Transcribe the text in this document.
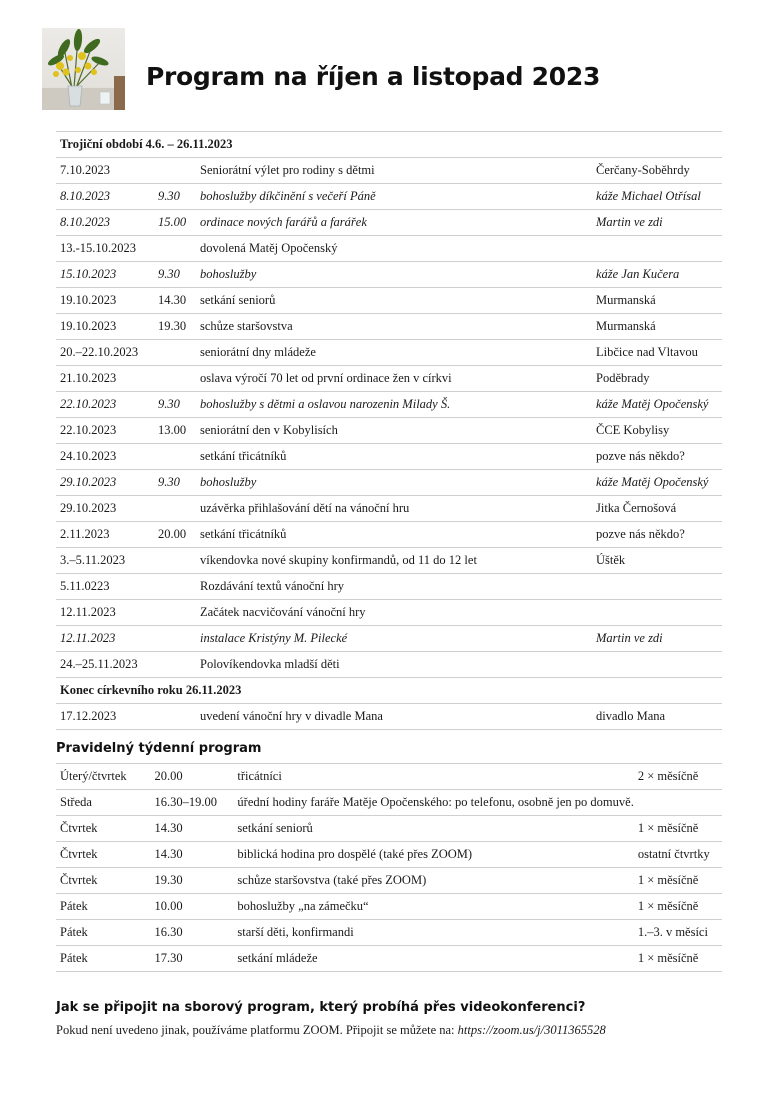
Program na říjen a listopad 2023
Trojiční období 4.6. – 26.11.2023			
7.10.2023		Seniorátní výlet pro rodiny s dětmi	Čerčany-Soběhrdy
8.10.2023	9.30	bohoslužby díkčinění s večeří Páně	káže Michael Otřísal
8.10.2023	15.00	ordinace nových farářů a farářek	Martin ve zdi
13.-15.10.2023		dovolená Matěj Opočenský	
15.10.2023	9.30	bohoslužby	káže Jan Kučera
19.10.2023	14.30	setkání seniorů	Murmanská
19.10.2023	19.30	schůze staršovstva	Murmanská
20.–22.10.2023		seniorátní dny mládeže	Libčice nad Vltavou
21.10.2023		oslava výročí 70 let od první ordinace žen v církvi	Poděbrady
22.10.2023	9.30	bohoslužby s dětmi a oslavou narozenin Milady Š.	káže Matěj Opočenský
22.10.2023	13.00	seniorátní den v Kobylisích	ČCE Kobylisy
24.10.2023		setkání třicátníků	pozve nás někdo?
29.10.2023	9.30	bohoslužby	káže Matěj Opočenský
29.10.2023		uzávěrka přihlašování dětí na vánoční hru	Jitka Černošová
2.11.2023	20.00	setkání třicátníků	pozve nás někdo?
3.–5.11.2023		víkendovka nové skupiny konfirmandů, od 11 do 12 let	Úštěk
5.11.0223		Rozdávání textů vánoční hry	
12.11.2023		Začátek nacvičování vánoční hry	
12.11.2023		instalace Kristýny M. Pilecké	Martin ve zdi
24.–25.11.2023		Polovíkendovka mladší děti	
Konec církevního roku 26.11.2023			
17.12.2023		uvedení vánoční hry v divadle Mana	divadlo Mana
Pravidelný týdenní program
Úterý/čtvrtek	20.00	třicátníci	2 × měsíčně
Středa	16.30–19.00	úřední hodiny faráře Matěje Opočenského: po telefonu, osobně jen po domuvě.	
Čtvrtek	14.30	setkání seniorů	1 × měsíčně
Čtvrtek	14.30	biblická hodina pro dospělé (také přes ZOOM)	ostatní čtvrtky
Čtvrtek	19.30	schůze staršovstva (také přes ZOOM)	1 × měsíčně
Pátek	10.00	bohoslužby „na zámečku“	1 × měsíčně
Pátek	16.30	starší děti, konfirmandi	1.–3. v měsíci
Pátek	17.30	setkání mládeže	1 × měsíčně
Jak se připojit na sborový program, který probíhá přes videokonferenci?

Pokud není uvedeno jinak, používáme platformu ZOOM. Připojit se můžete na: https://zoom.us/j/3011365528
